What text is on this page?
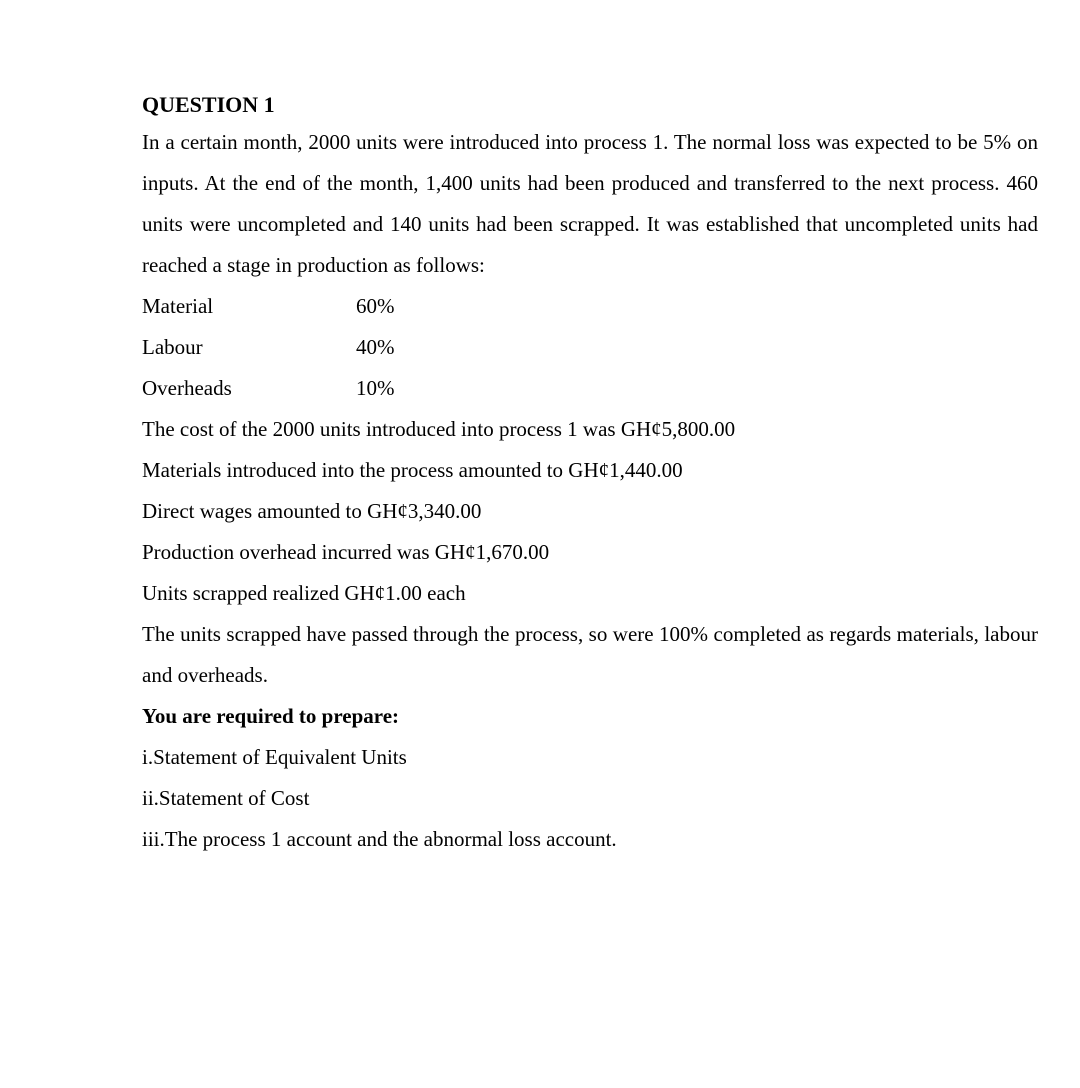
QUESTION 1

In a certain month, 2000 units were introduced into process 1. The normal loss was expected to be 5% on inputs. At the end of the month, 1,400 units had been produced and transferred to the next process. 460 units were uncompleted and 140 units had been scrapped. It was established that uncompleted units had reached a stage in production as follows:

Material	60%
Labour	40%
Overheads	10%
The cost of the 2000 units introduced into process 1 was GH¢5,800.00
Materials introduced into the process amounted to GH¢1,440.00
Direct wages amounted to GH¢3,340.00
Production overhead incurred was GH¢1,670.00
Units scrapped realized GH¢1.00 each

The units scrapped have passed through the process, so were 100% completed as regards materials, labour and overheads.

You are required to prepare:
i.Statement of Equivalent Units
ii.Statement of Cost
iii.The process 1 account and the abnormal loss account.
